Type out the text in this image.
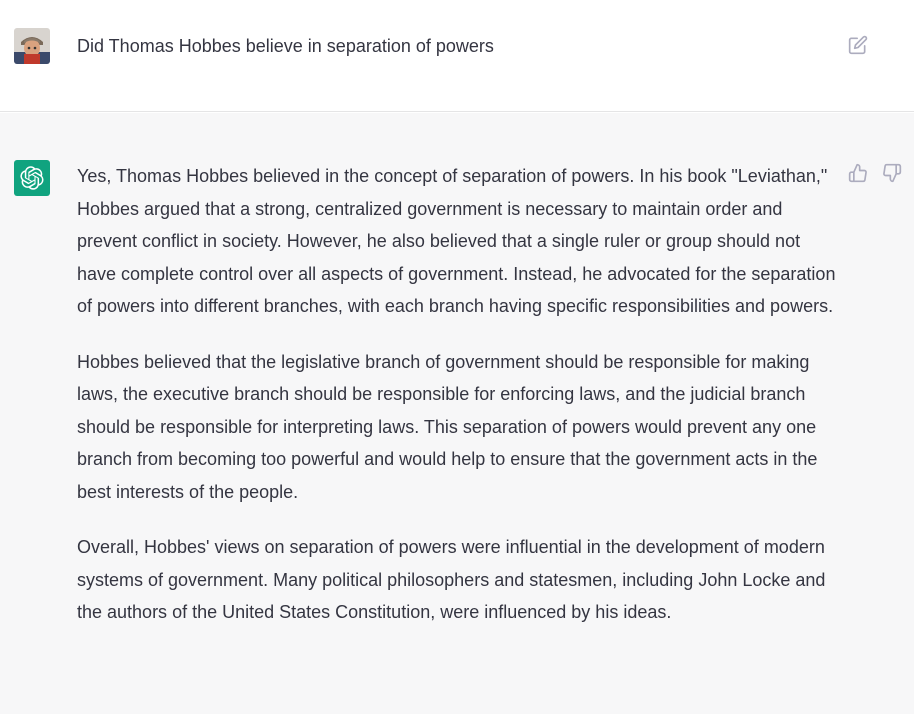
Did Thomas Hobbes believe in separation of powers

Yes, Thomas Hobbes believed in the concept of separation of powers. In his book "Leviathan," Hobbes argued that a strong, centralized government is necessary to maintain order and prevent conflict in society. However, he also believed that a single ruler or group should not have complete control over all aspects of government. Instead, he advocated for the separation of powers into different branches, with each branch having specific responsibilities and powers.

Hobbes believed that the legislative branch of government should be responsible for making laws, the executive branch should be responsible for enforcing laws, and the judicial branch should be responsible for interpreting laws. This separation of powers would prevent any one branch from becoming too powerful and would help to ensure that the government acts in the best interests of the people.

Overall, Hobbes' views on separation of powers were influential in the development of modern systems of government. Many political philosophers and statesmen, including John Locke and the authors of the United States Constitution, were influenced by his ideas.
